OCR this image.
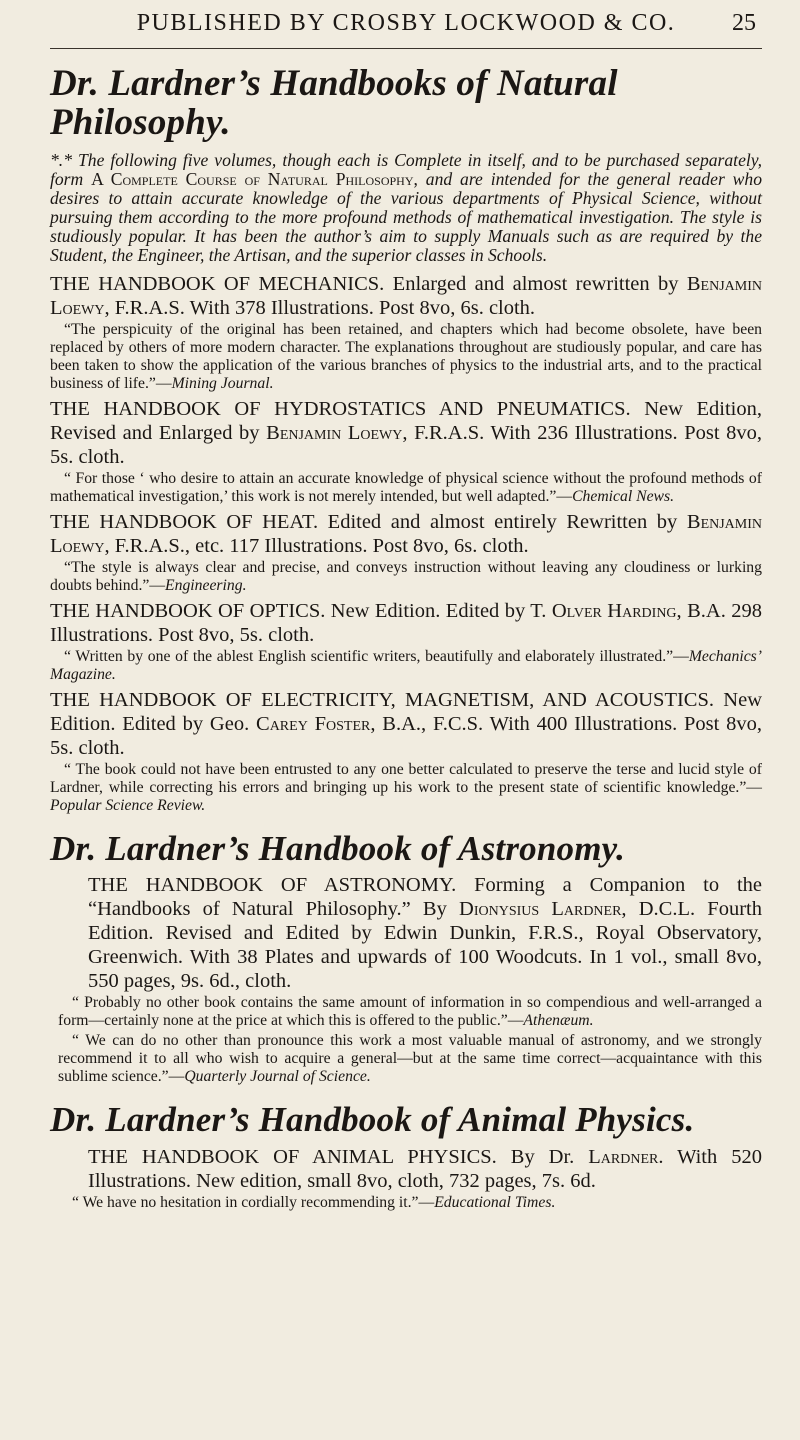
PUBLISHED BY CROSBY LOCKWOOD & CO.	25
Dr. Lardner’s Handbooks of Natural Philosophy.

*.* The following five volumes, though each is Complete in itself, and to be purchased separately, form A Complete Course of Natural Philosophy, and are intended for the general reader who desires to attain accurate knowledge of the various departments of Physical Science, without pursuing them according to the more profound methods of mathematical investigation. The style is studiously popular. It has been the author’s aim to supply Manuals such as are required by the Student, the Engineer, the Artisan, and the superior classes in Schools.

THE HANDBOOK OF MECHANICS. Enlarged and almost rewritten by Benjamin Loewy, F.R.A.S. With 378 Illustrations. Post 8vo, 6s. cloth.

“The perspicuity of the original has been retained, and chapters which had become obsolete, have been replaced by others of more modern character. The explanations throughout are studiously popular, and care has been taken to show the application of the various branches of physics to the industrial arts, and to the practical business of life.”—Mining Journal.

THE HANDBOOK OF HYDROSTATICS AND PNEUMATICS. New Edition, Revised and Enlarged by Benjamin Loewy, F.R.A.S. With 236 Illustrations. Post 8vo, 5s. cloth.

“ For those ‘ who desire to attain an accurate knowledge of physical science without the profound methods of mathematical investigation,’ this work is not merely intended, but well adapted.”—Chemical News.

THE HANDBOOK OF HEAT. Edited and almost entirely Rewritten by Benjamin Loewy, F.R.A.S., etc. 117 Illustrations. Post 8vo, 6s. cloth.

“The style is always clear and precise, and conveys instruction without leaving any cloudiness or lurking doubts behind.”—Engineering.

THE HANDBOOK OF OPTICS. New Edition. Edited by T. Olver Harding, B.A. 298 Illustrations. Post 8vo, 5s. cloth.

“ Written by one of the ablest English scientific writers, beautifully and elaborately illustrated.”—Mechanics’ Magazine.

THE HANDBOOK OF ELECTRICITY, MAGNETISM, AND ACOUSTICS. New Edition. Edited by Geo. Carey Foster, B.A., F.C.S. With 400 Illustrations. Post 8vo, 5s. cloth.

“ The book could not have been entrusted to any one better calculated to preserve the terse and lucid style of Lardner, while correcting his errors and bringing up his work to the present state of scientific knowledge.”—Popular Science Review.

Dr. Lardner’s Handbook of Astronomy.

THE HANDBOOK OF ASTRONOMY. Forming a Companion to the “Handbooks of Natural Philosophy.” By Dionysius Lardner, D.C.L. Fourth Edition. Revised and Edited by Edwin Dunkin, F.R.S., Royal Observatory, Greenwich. With 38 Plates and upwards of 100 Woodcuts. In 1 vol., small 8vo, 550 pages, 9s. 6d., cloth.

“ Probably no other book contains the same amount of information in so compendious and well-arranged a form—certainly none at the price at which this is offered to the public.”—Athenæum.

“ We can do no other than pronounce this work a most valuable manual of astronomy, and we strongly recommend it to all who wish to acquire a general—but at the same time correct—acquaintance with this sublime science.”—Quarterly Journal of Science.

Dr. Lardner’s Handbook of Animal Physics.

THE HANDBOOK OF ANIMAL PHYSICS. By Dr. Lardner. With 520 Illustrations. New edition, small 8vo, cloth, 732 pages, 7s. 6d.

“ We have no hesitation in cordially recommending it.”—Educational Times.
